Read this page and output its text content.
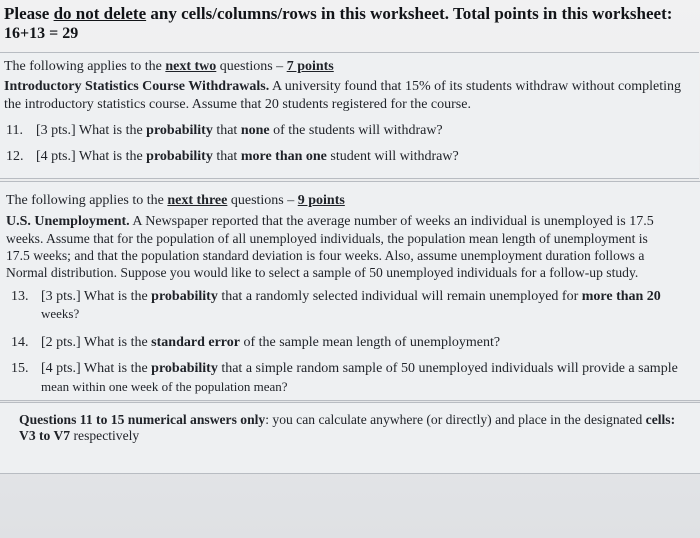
Please do not delete any cells/columns/rows in this worksheet. Total points in this worksheet:
16+13 = 29
The following applies to the next two questions – 7 points
Introductory Statistics Course Withdrawals. A university found that 15% of its students withdraw without completing
the introductory statistics course. Assume that 20 students registered for the course.
11. [3 pts.] What is the probability that none of the students will withdraw?
12. [4 pts.] What is the probability that more than one student will withdraw?
The following applies to the next three questions – 9 points
U.S. Unemployment. A Newspaper reported that the average number of weeks an individual is unemployed is 17.5
weeks. Assume that for the population of all unemployed individuals, the population mean length of unemployment is
17.5 weeks; and that the population standard deviation is four weeks. Also, assume unemployment duration follows a
Normal distribution. Suppose you would like to select a sample of 50 unemployed individuals for a follow-up study.
13. [3 pts.] What is the probability that a randomly selected individual will remain unemployed for more than 20
weeks?
14. [2 pts.] What is the standard error of the sample mean length of unemployment?
15. [4 pts.] What is the probability that a simple random sample of 50 unemployed individuals will provide a sample
mean within one week of the population mean?
Questions 11 to 15 numerical answers only: you can calculate anywhere (or directly) and place in the designated cells:
V3 to V7 respectively
